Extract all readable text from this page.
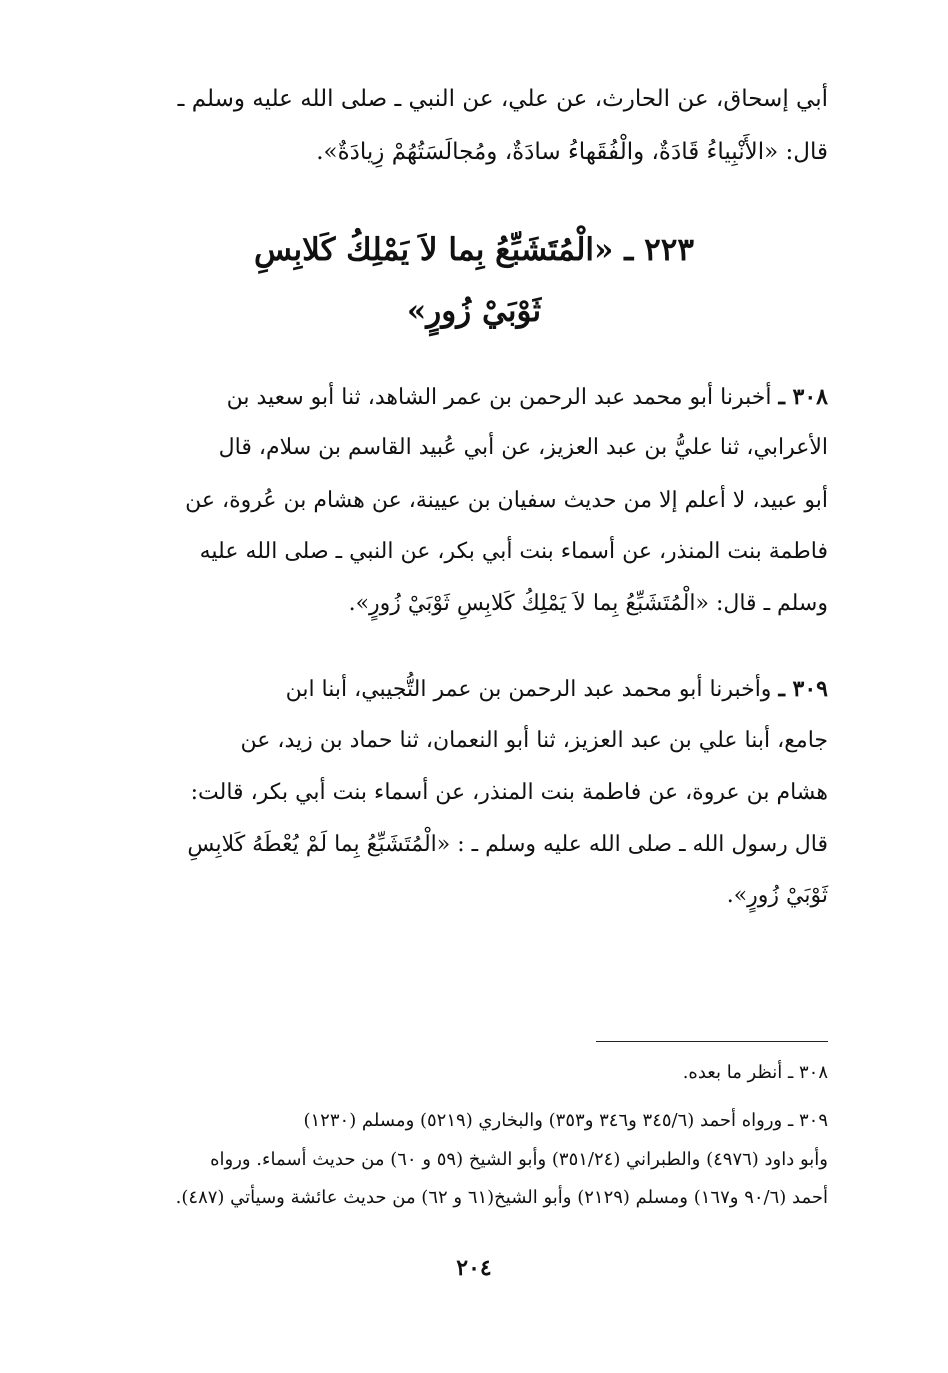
أبي إسحاق، عن الحارث، عن علي، عن النبي ـ صلى الله عليه وسلم ـ
قال: «الأَنْبِياءُ قَادَةٌ، والْفُقَهاءُ سادَةٌ، ومُجالَسَتُهُمْ زِيادَةٌ».
٢٢٣ ـ «الْمُتَشَبِّعُ بِما لاَ يَمْلِكُ كَلابِسِ
ثَوْبَيْ زُورٍ»
٣٠٨ ـ أخبرنا أبو محمد عبد الرحمن بن عمر الشاهد، ثنا أبو سعيد بن
الأعرابي، ثنا عليُّ بن عبد العزيز، عن أبي عُبيد القاسم بن سلام، قال
أبو عبيد، لا أعلم إلا من حديث سفيان بن عيينة، عن هشام بن عُروة، عن
فاطمة بنت المنذر، عن أسماء بنت أبي بكر، عن النبي ـ صلى الله عليه
وسلم ـ قال: «الْمُتَشَبِّعُ بِما لاَ يَمْلِكُ كَلابِسِ ثَوْبَيْ زُورٍ».
٣٠٩ ـ وأخبرنا أبو محمد عبد الرحمن بن عمر التُّجيبي، أبنا ابن
جامع، أبنا علي بن عبد العزيز، ثنا أبو النعمان، ثنا حماد بن زيد، عن
هشام بن عروة، عن فاطمة بنت المنذر، عن أسماء بنت أبي بكر، قالت:
قال رسول الله ـ صلى الله عليه وسلم ـ : «الْمُتَشَبِّعُ بِما لَمْ يُعْطَهُ كَلابِسِ
ثَوْبَيْ زُورٍ».
٣٠٨ ـ أنظر ما بعده.
٣٠٩ ـ ورواه أحمد (٣٤٥/٦ و٣٤٦ و٣٥٣) والبخاري (٥٢١٩) ومسلم (١٢٣٠)
وأبو داود (٤٩٧٦) والطبراني (٣٥١/٢٤) وأبو الشيخ (٥٩ و ٦٠) من حديث أسماء. ورواه
أحمد (٩٠/٦ و١٦٧) ومسلم (٢١٢٩) وأبو الشيخ(٦١ و ٦٢) من حديث عائشة وسيأتي (٤٨٧).
٢٠٤
